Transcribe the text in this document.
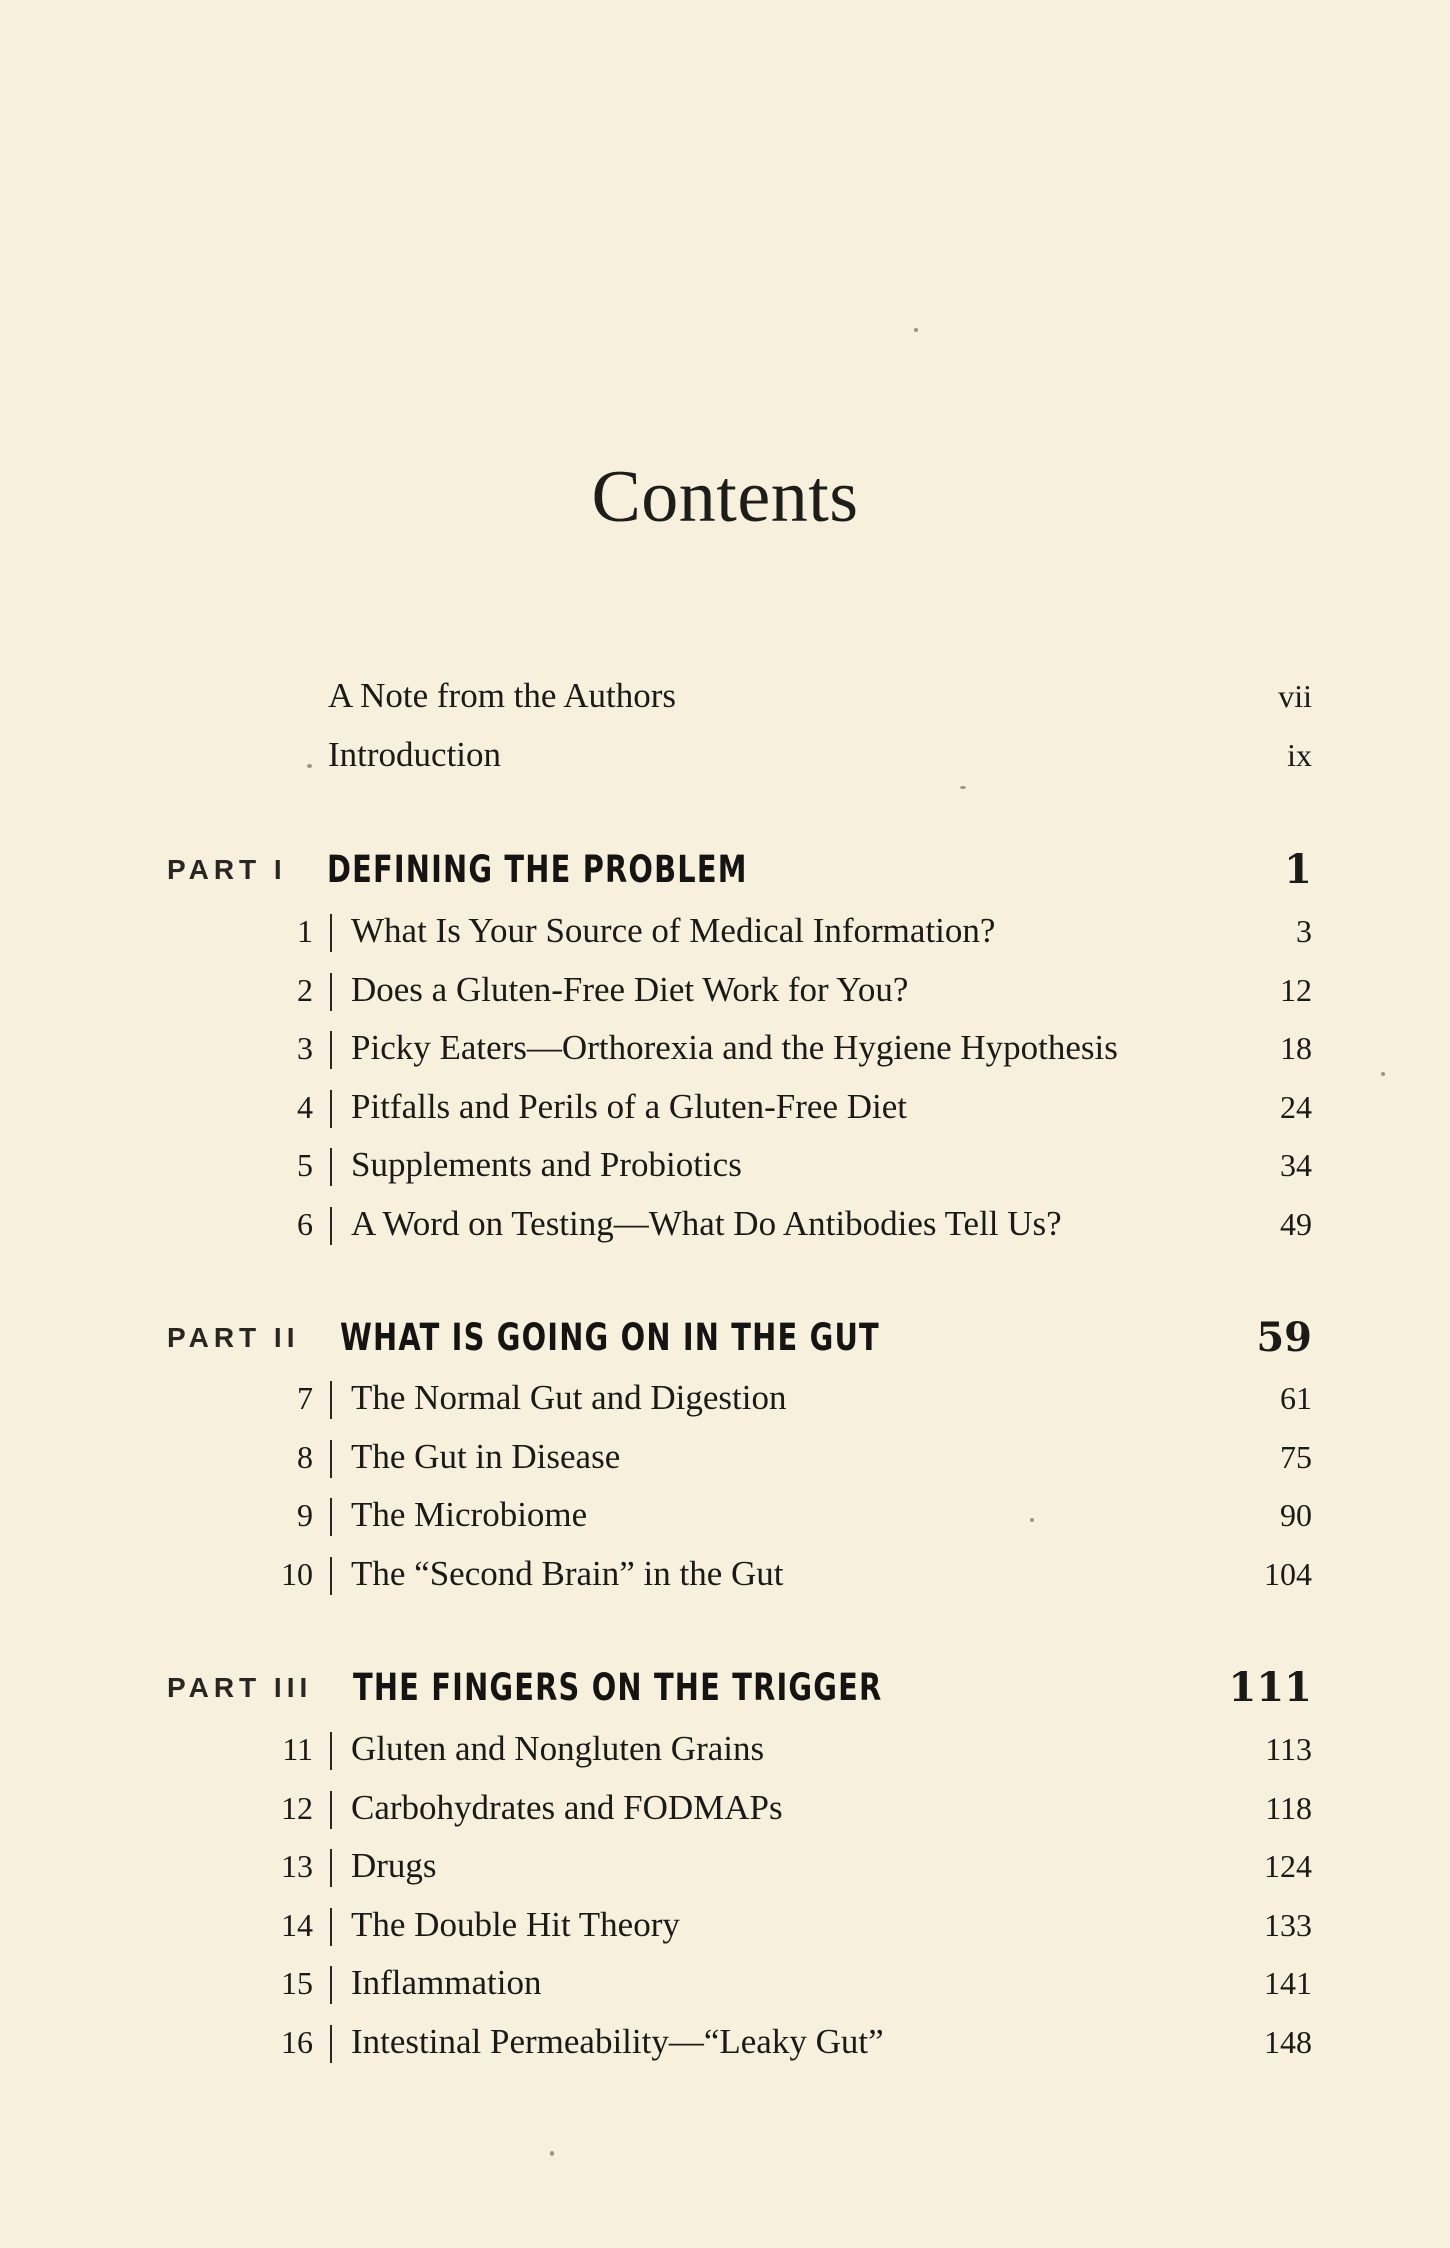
Contents
A Note from the Authors	vii
Introduction	ix
PART I DEFINING THE PROBLEM	1
1 What Is Your Source of Medical Information?	3
2 Does a Gluten-Free Diet Work for You?	12
3 Picky Eaters—Orthorexia and the Hygiene Hypothesis	18
4 Pitfalls and Perils of a Gluten-Free Diet	24
5 Supplements and Probiotics	34
6 A Word on Testing—What Do Antibodies Tell Us?	49
PART II WHAT IS GOING ON IN THE GUT	59
7 The Normal Gut and Digestion	61
8 The Gut in Disease	75
9 The Microbiome	90
10 The “Second Brain” in the Gut	104
PART III THE FINGERS ON THE TRIGGER	111
11 Gluten and Nongluten Grains	113
12 Carbohydrates and FODMAPs	118
13 Drugs	124
14 The Double Hit Theory	133
15 Inflammation	141
16 Intestinal Permeability—“Leaky Gut”	148
